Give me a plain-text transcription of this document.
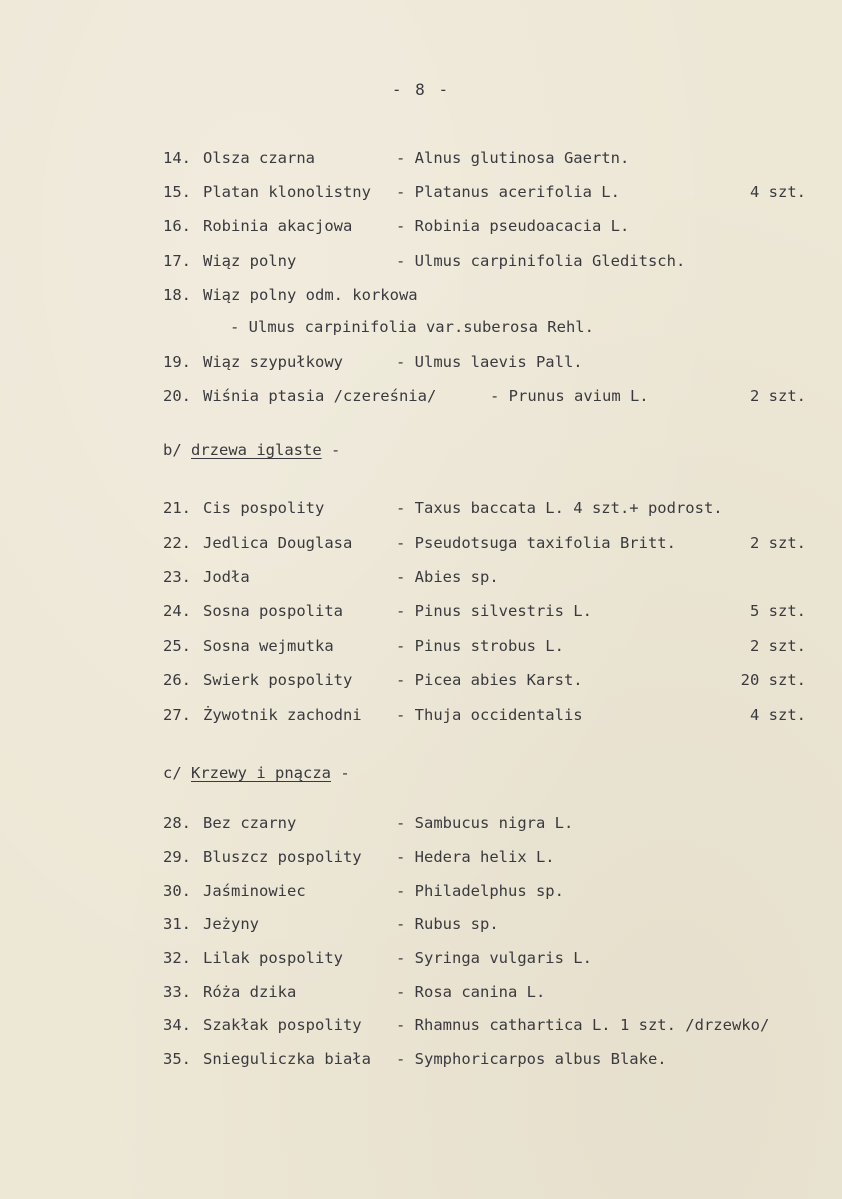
- 8 -
14. Olsza czarna	- Alnus glutinosa Gaertn.
15. Platan klonolistny - Platanus acerifolia L.	4 szt.
16. Robinia akacjowa	- Robinia pseudoacacia L.
17. Wiąz polny	- Ulmus carpinifolia Gleditsch.
18. Wiąz polny odm. korkowa
- Ulmus carpinifolia var.suberosa Rehl.
19. Wiąz szypułkowy	- Ulmus laevis Pall.
20. Wiśnia ptasia /czereśnia/	- Prunus avium L.	2 szt.
b/ drzewa iglaste -
21. Cis pospolity	- Taxus baccata L. 4 szt.+ podrost.
22. Jedlica Douglasa	- Pseudotsuga taxifolia Britt.	2 szt.
23. Jodła	- Abies sp.
24. Sosna pospolita	- Pinus silvestris L.	5 szt.
25. Sosna wejmutka	- Pinus strobus L.	2 szt.
26. Swierk pospolity	- Picea abies Karst.	20 szt.
27. Żywotnik zachodni - Thuja occidentalis	4 szt.
c/ Krzewy i pnącza -
28. Bez czarny	- Sambucus nigra L.
29. Bluszcz pospolity - Hedera helix L.
30. Jaśminowiec	- Philadelphus sp.
31. Jeżyny	- Rubus sp.
32. Lilak pospolity	- Syringa vulgaris L.
33. Róża dzika	- Rosa canina L.
34. Szakłak pospolity - Rhamnus cathartica L. 1 szt. /drzewko/
35. Snieguliczka biała - Symphoricarpos albus Blake.
